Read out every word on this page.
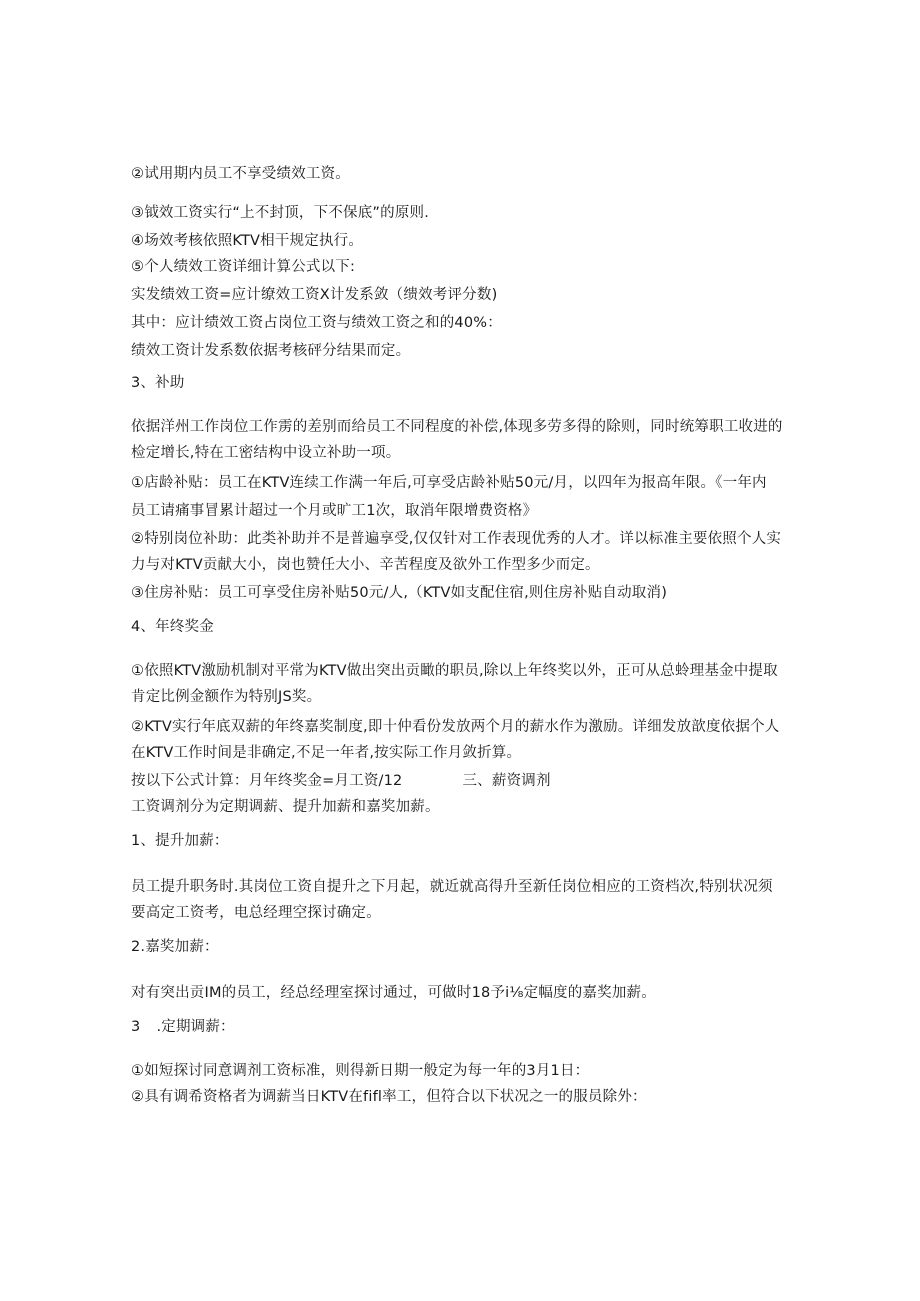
②试用期内员工不享受绩效工资。

③钺效工资实行“上不封顶，下不保底”的原则.

④场效考核依照KTV相干规定执行。

⑤个人绩效工资详细计算公式以下:

实发绩效工资=应计缭效工资X计发系敛（缋效考评分数)

其中：应计绩效工资占岗位工资与绩效工资之和的40%：

绩效工资计发系数依据考核砰分结果而定。

3、补助

依据洋州工作岗位工作雳的差别而给员工不同程度的补偿,体现多劳多得的除则，同时统筹职工收进的

检定增长,特在工密结构中设立补助一项。

①店龄补贴：员工在KTV连续工作满一年后,可享受店龄补贴50元/月，以四年为报高年限。《一年内

员工请痛事冒累计超过一个月或旷工1次，取消年限增费资格》

②特别岗位补助：此类补助并不是普遍享受,仅仅针对工作表现优秀的人才。详以标准主要依照个人实

力与对KTV贡献大小，岗也赞任大小、辛苦程度及欲外工作型多少而定。

③住房补贴：员工可享受住房补贴50元/人,（KTV如支配住宿,则住房补贴自动取消)

4、年终奖金

①依照KTV激励机制对平常为KTV做出突出贡瞰的职员,除以上年终奖以外，正可从总蛉理基金中提取

肯定比例金额作为特别JS奖。

②KTV实行年底双薪的年终嘉奖制度,即十仲看份发放两个月的薪水作为激励。详细发放歆度依据个人

在KTV工作时间是非确定,不足一年者,按实际工作月敛折算。

按以下公式计算：月年终奖金=月工资/12	三、薪资调剂

工资调剂分为定期调薪、提升加薪和嘉奖加薪。

1、提升加薪：

员工提升职务时.其岗位工资自提升之下月起，就近就高得升至新任岗位相应的工资档次,特别状况须

要高定工资考，电总经理空探讨确定。

2.嘉奖加薪：

对有突出贡IM的员工，经总经理室探讨通过，可做时18予i⅛定幅度的嘉奖加薪。

3 .定期调薪：

①如短探讨同意调剂工资标准，则得新日期一般定为每一年的3月1日：

②具有调希资格者为调薪当日KTV在fifl率工，但符合以下状况之一的服员除外：
